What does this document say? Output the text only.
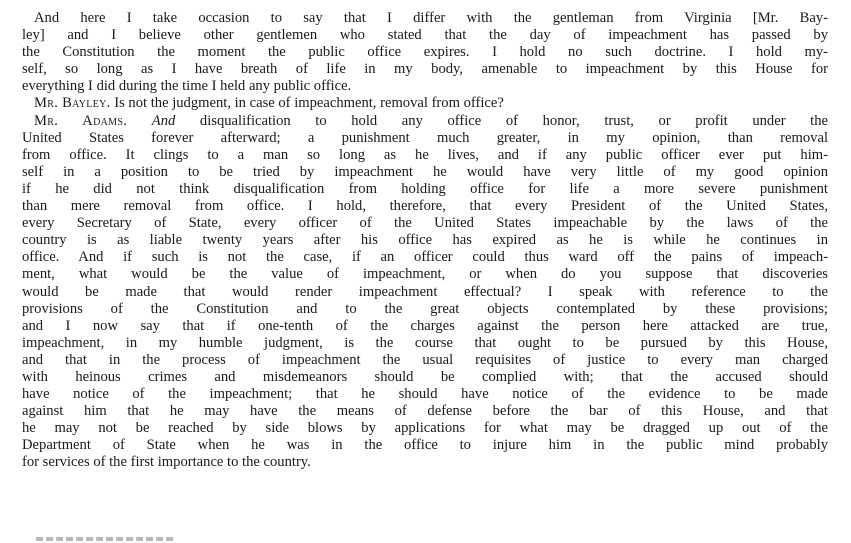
And here I take occasion to say that I differ with the gentleman from Virginia [Mr. Bay-
ley] and I believe other gentlemen who stated that the day of impeachment has passed by
the Constitution the moment the public office expires. I hold no such doctrine. I hold my-
self, so long as I have breath of life in my body, amenable to impeachment by this House for
everything I did during the time I held any public office.
Mr. Bayley. Is not the judgment, in case of impeachment, removal from office?
Mr. Adams. And disqualification to hold any office of honor, trust, or profit under the
United States forever afterward; a punishment much greater, in my opinion, than removal
from office. It clings to a man so long as he lives, and if any public officer ever put him-
self in a position to be tried by impeachment he would have very little of my good opinion
if he did not think disqualification from holding office for life a more severe punishment
than mere removal from office. I hold, therefore, that every President of the United States,
every Secretary of State, every officer of the United States impeachable by the laws of the
country is as liable twenty years after his office has expired as he is while he continues in
office. And if such is not the case, if an officer could thus ward off the pains of impeach-
ment, what would be the value of impeachment, or when do you suppose that discoveries
would be made that would render impeachment effectual? I speak with reference to the
provisions of the Constitution and to the great objects contemplated by these provisions;
and I now say that if one-tenth of the charges against the person here attacked are true,
impeachment, in my humble judgment, is the course that ought to be pursued by this House,
and that in the process of impeachment the usual requisites of justice to every man charged
with heinous crimes and misdemeanors should be complied with; that the accused should
have notice of the impeachment; that he should have notice of the evidence to be made
against him that he may have the means of defense before the bar of this House, and that
he may not be reached by side blows by applications for what may be dragged up out of the
Department of State when he was in the office to injure him in the public mind probably
for services of the first importance to the country.
